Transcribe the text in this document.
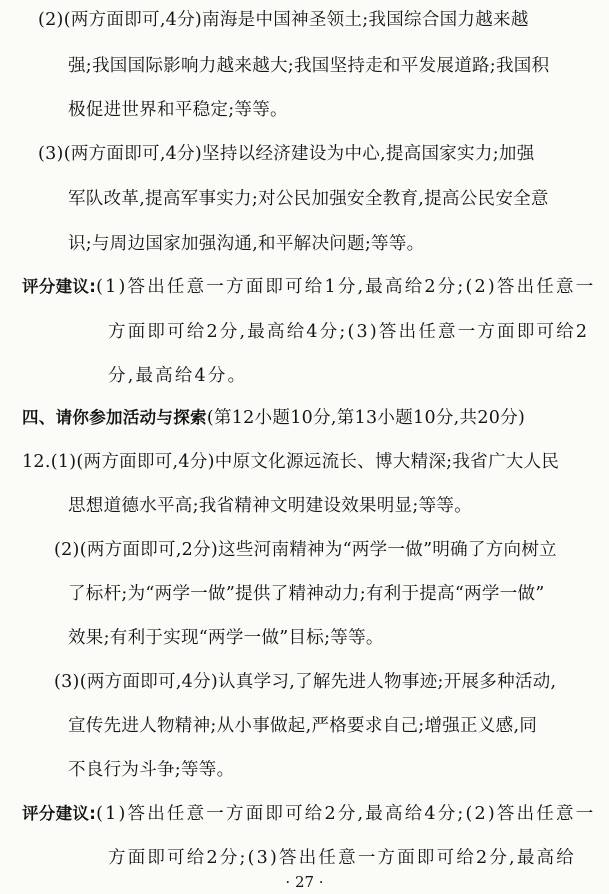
(2)(两方面即可,4分)南海是中国神圣领土;我国综合国力越来越
强;我国国际影响力越来越大;我国坚持走和平发展道路;我国积
极促进世界和平稳定;等等。
(3)(两方面即可,4分)坚持以经济建设为中心,提高国家实力;加强
军队改革,提高军事实力;对公民加强安全教育,提高公民安全意
识;与周边国家加强沟通,和平解决问题;等等。
评分建议:(1)答出任意一方面即可给1分,最高给2分;(2)答出任意一
方面即可给2分,最高给4分;(3)答出任意一方面即可给2
分,最高给4分。
四、请你参加活动与探索(第12小题10分,第13小题10分,共20分)
12.(1)(两方面即可,4分)中原文化源远流长、博大精深;我省广大人民
思想道德水平高;我省精神文明建设效果明显;等等。
(2)(两方面即可,2分)这些河南精神为“两学一做”明确了方向树立
了标杆;为“两学一做”提供了精神动力;有利于提高“两学一做”
效果;有利于实现“两学一做”目标;等等。
(3)(两方面即可,4分)认真学习,了解先进人物事迹;开展多种活动,
宣传先进人物精神;从小事做起,严格要求自己;增强正义感,同
不良行为斗争;等等。
评分建议:(1)答出任意一方面即可给2分,最高给4分;(2)答出任意一
方面即可给2分;(3)答出任意一方面即可给2分,最高给
· 27 ·
